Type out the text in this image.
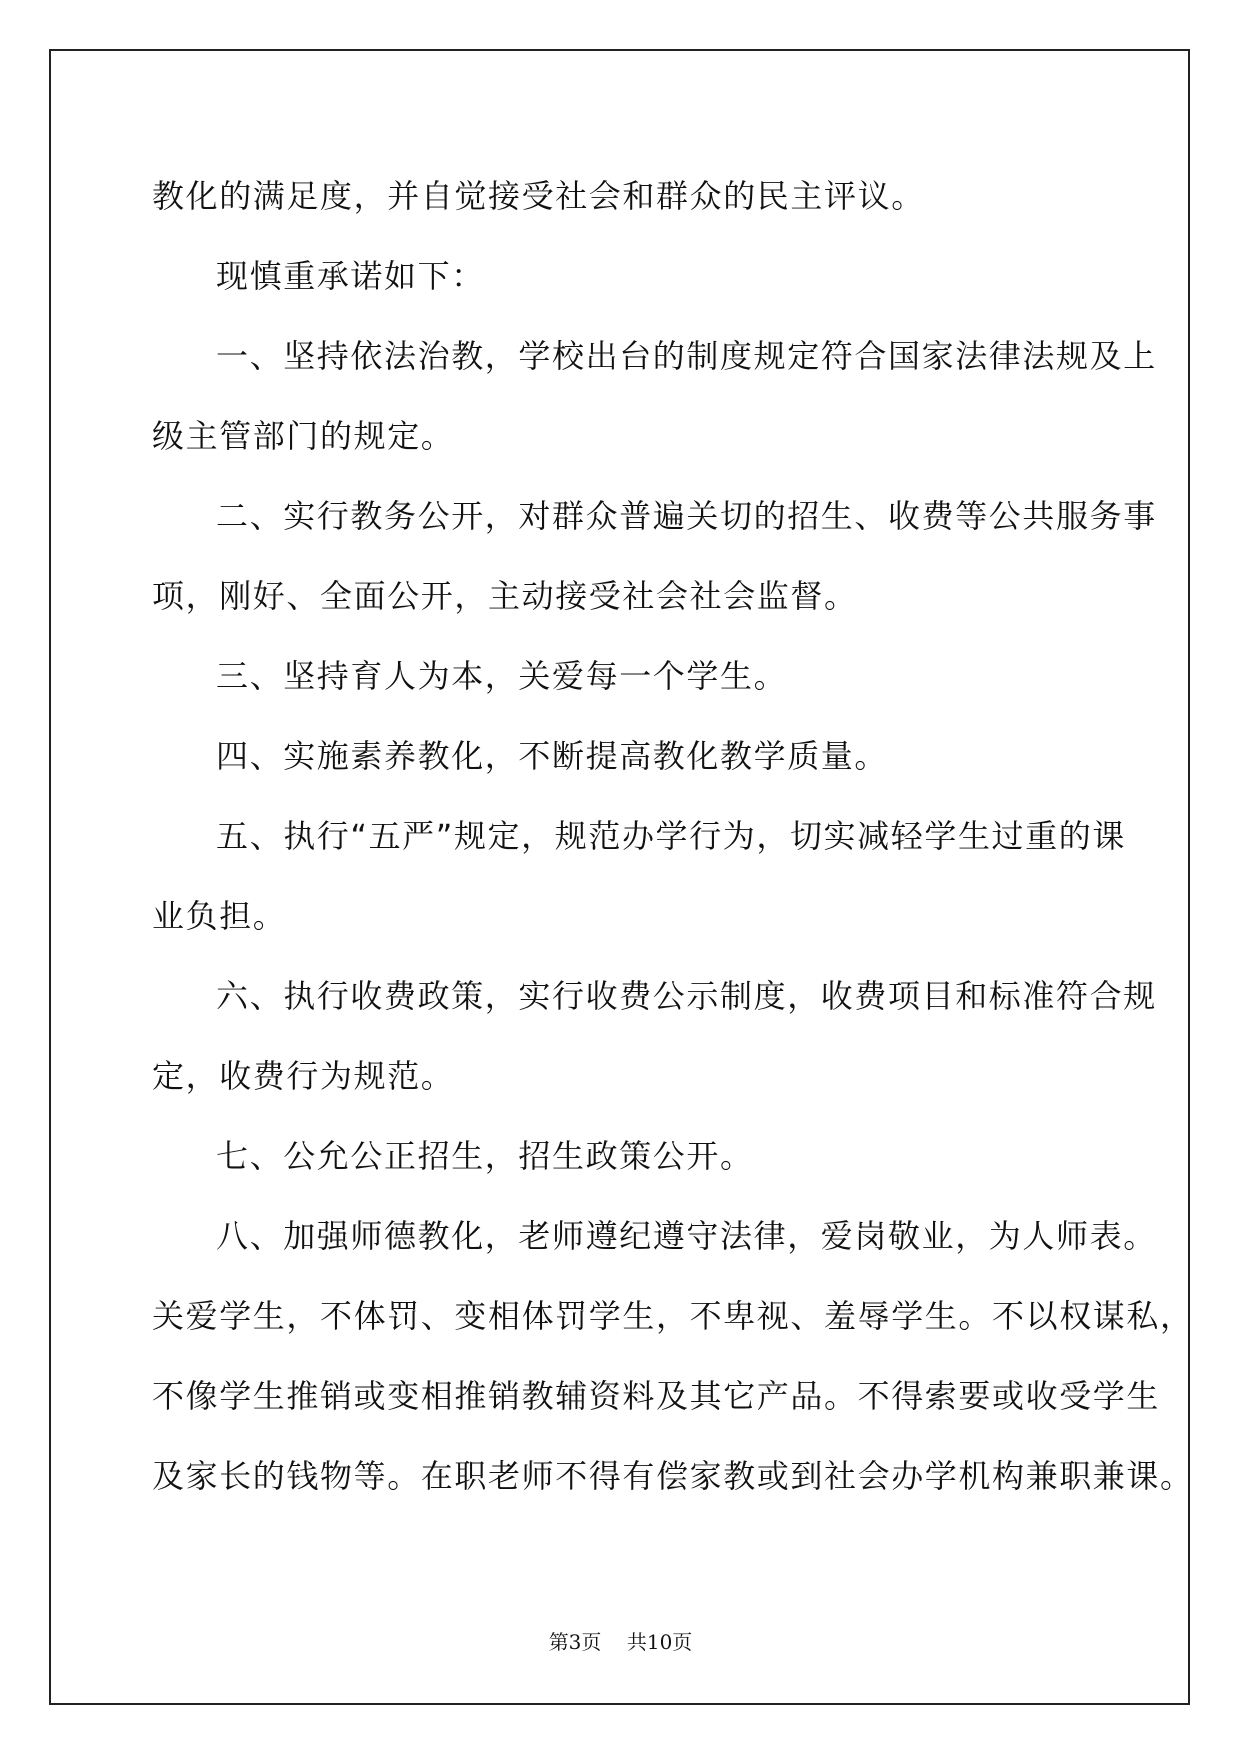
教化的满足度，并自觉接受社会和群众的民主评议。
现慎重承诺如下：
一、坚持依法治教，学校出台的制度规定符合国家法律法规及上
级主管部门的规定。
二、实行教务公开，对群众普遍关切的招生、收费等公共服务事
项，刚好、全面公开，主动接受社会社会监督。
三、坚持育人为本，关爱每一个学生。
四、实施素养教化，不断提高教化教学质量。
五、执行“五严”规定，规范办学行为，切实减轻学生过重的课
业负担。
六、执行收费政策，实行收费公示制度，收费项目和标准符合规
定，收费行为规范。
七、公允公正招生，招生政策公开。
八、加强师德教化，老师遵纪遵守法律，爱岗敬业，为人师表。
关爱学生，不体罚、变相体罚学生，不卑视、羞辱学生。不以权谋私，
不像学生推销或变相推销教辅资料及其它产品。不得索要或收受学生
及家长的钱物等。在职老师不得有偿家教或到社会办学机构兼职兼课。
第3页    共10页
